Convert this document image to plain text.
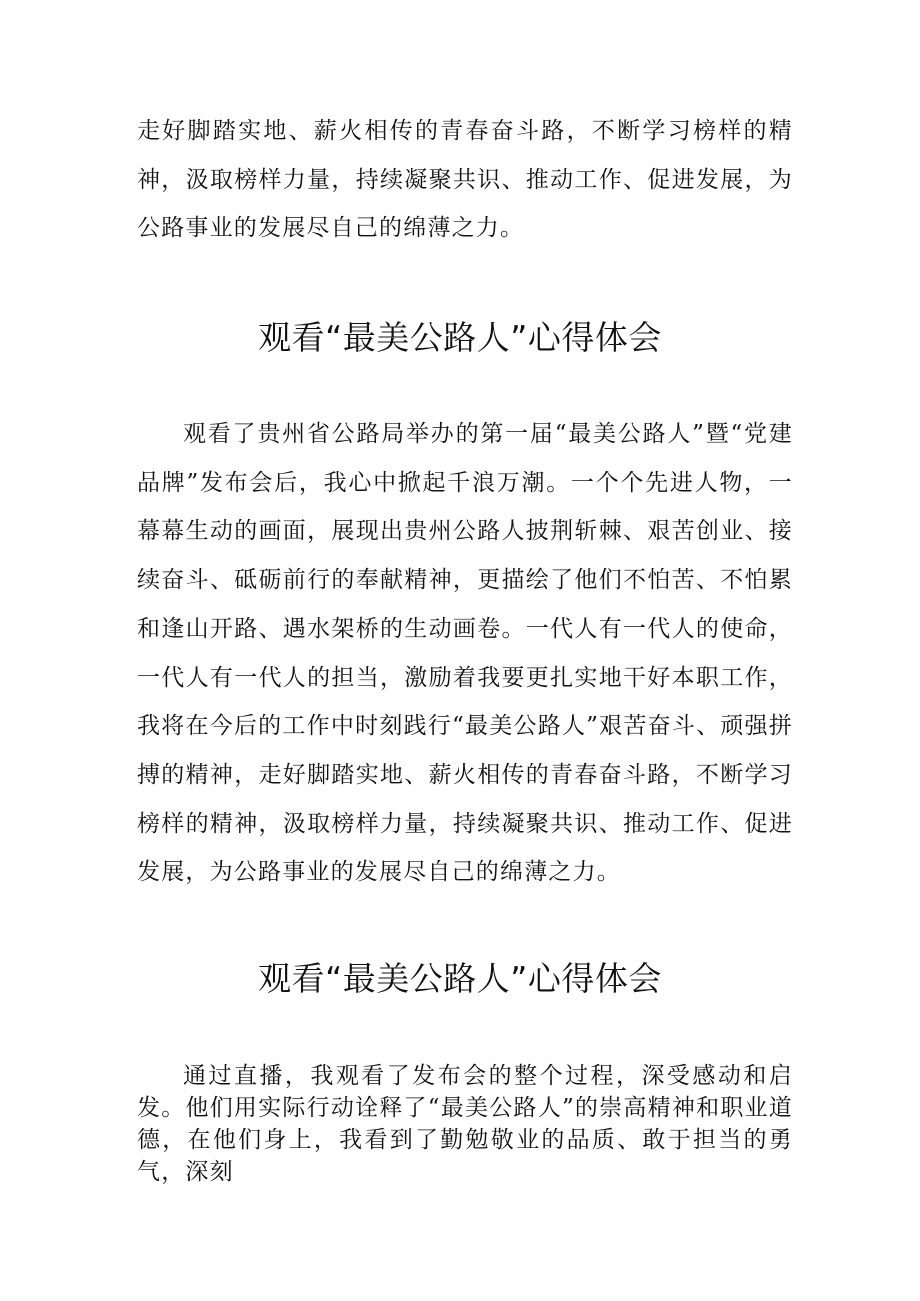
走好脚踏实地、薪火相传的青春奋斗路，不断学习榜样的精神，汲取榜样力量，持续凝聚共识、推动工作、促进发展，为公路事业的发展尽自己的绵薄之力。

观看“最美公路人”心得体会

观看了贵州省公路局举办的第一届“最美公路人”暨“党建品牌”发布会后，我心中掀起千浪万潮。一个个先进人物，一幕幕生动的画面，展现出贵州公路人披荆斩棘、艰苦创业、接续奋斗、砥砺前行的奉献精神，更描绘了他们不怕苦、不怕累和逢山开路、遇水架桥的生动画卷。一代人有一代人的使命，一代人有一代人的担当，激励着我要更扎实地干好本职工作，我将在今后的工作中时刻践行“最美公路人”艰苦奋斗、顽强拼搏的精神，走好脚踏实地、薪火相传的青春奋斗路，不断学习榜样的精神，汲取榜样力量，持续凝聚共识、推动工作、促进发展，为公路事业的发展尽自己的绵薄之力。

观看“最美公路人”心得体会

通过直播，我观看了发布会的整个过程，深受感动和启发。他们用实际行动诠释了“最美公路人”的崇高精神和职业道德，在他们身上，我看到了勤勉敬业的品质、敢于担当的勇气，深刻
